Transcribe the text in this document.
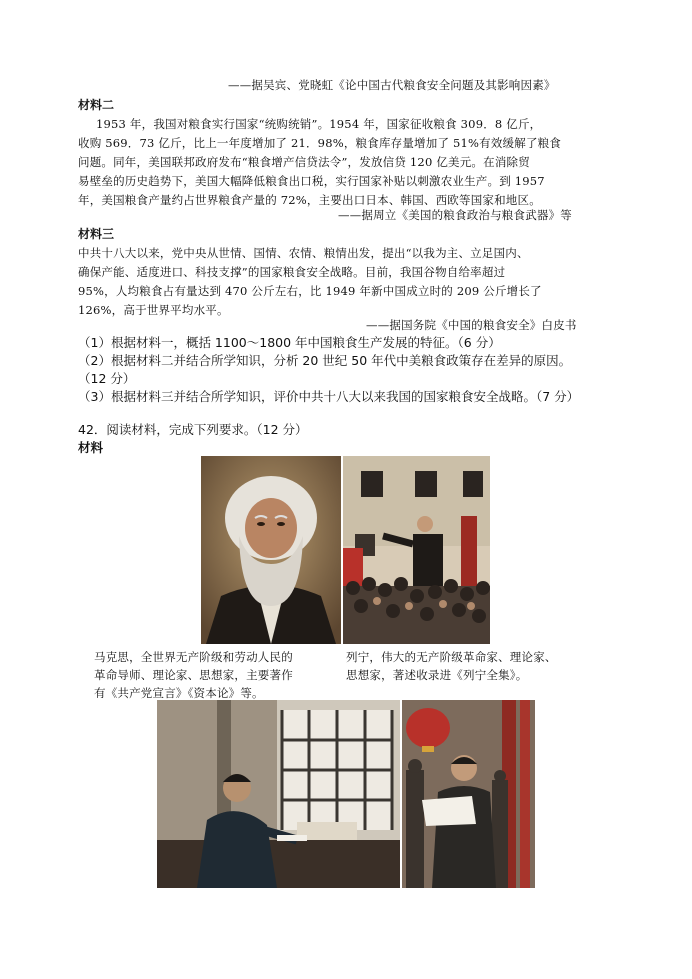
——据吴宾、党晓虹《论中国古代粮食安全问题及其影响因素》
材料二
1953 年，我国对粮食实行国家“统购统销”。1954 年，国家征收粮食 309．8 亿斤，
收购 569．73 亿斤，比上一年度增加了 21．98%，粮食库存量增加了 51%有效缓解了粮食
问题。同年，美国联邦政府发布“粮食增产信贷法令”，发放信贷 120 亿美元。在消除贸
易壁垒的历史趋势下，美国大幅降低粮食出口税，实行国家补贴以刺激农业生产。到 1957
年，美国粮食产量约占世界粮食产量的 72%，主要出口日本、韩国、西欧等国家和地区。
——据周立《美国的粮食政治与粮食武器》等
材料三
中共十八大以来，党中央从世情、国情、农情、粮情出发，提出“以我为主、立足国内、
确保产能、适度进口、科技支撑”的国家粮食安全战略。目前，我国谷物自给率超过
95%，人均粮食占有量达到 470 公斤左右，比 1949 年新中国成立时的 209 公斤增长了
126%，高于世界平均水平。
——据国务院《中国的粮食安全》白皮书
（1）根据材料一，概括 1100～1800 年中国粮食生产发展的特征。（6 分）
（2）根据材料二并结合所学知识，分析 20 世纪 50 年代中美粮食政策存在差异的原因。
（12 分）
（3）根据材料三并结合所学知识，评价中共十八大以来我国的国家粮食安全战略。（7 分）
42．阅读材料，完成下列要求。（12 分）
材料
马克思，全世界无产阶级和劳动人民的
革命导师、理论家、思想家，主要著作
有《共产党宣言》《资本论》等。
列宁，伟大的无产阶级革命家、理论家、
思想家，著述收录进《列宁全集》。
